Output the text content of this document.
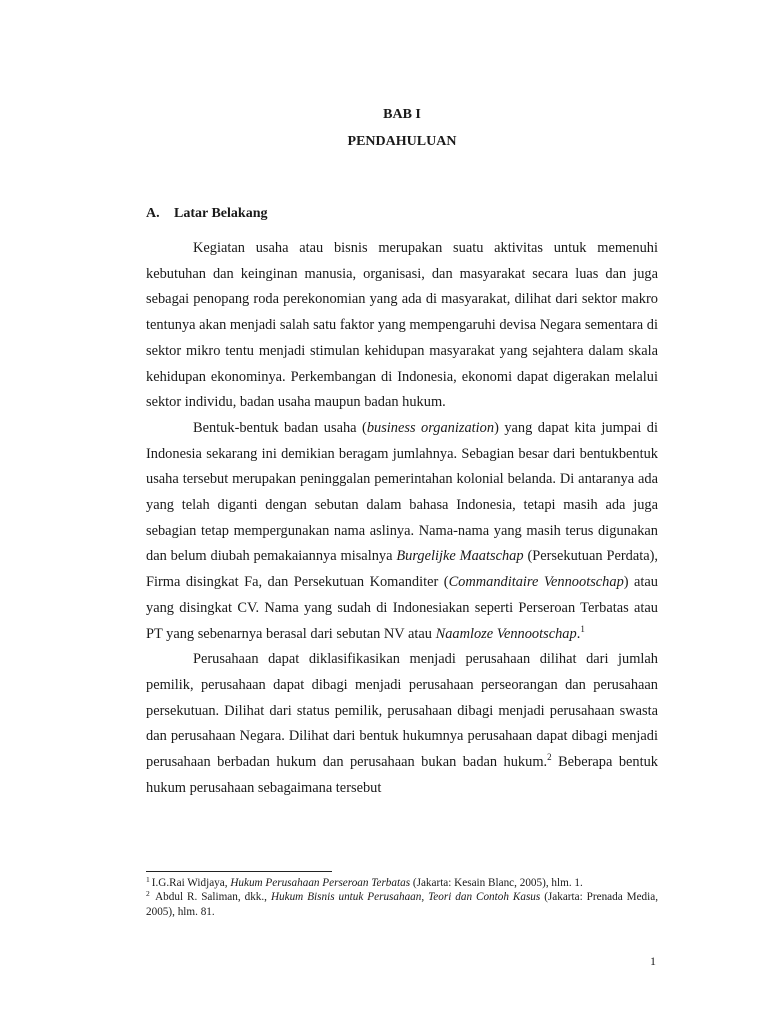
BAB I
PENDAHULUAN
A. Latar Belakang

Kegiatan usaha atau bisnis merupakan suatu aktivitas untuk memenuhi kebutuhan dan keinginan manusia, organisasi, dan masyarakat secara luas dan juga sebagai penopang roda perekonomian yang ada di masyarakat, dilihat dari sektor makro tentunya akan menjadi salah satu faktor yang mempengaruhi devisa Negara sementara di sektor mikro tentu menjadi stimulan kehidupan masyarakat yang sejahtera dalam skala kehidupan ekonominya. Perkembangan di Indonesia, ekonomi dapat digerakan melalui sektor individu, badan usaha maupun badan hukum.

Bentuk-bentuk badan usaha (business organization) yang dapat kita jumpai di Indonesia sekarang ini demikian beragam jumlahnya. Sebagian besar dari bentukbentuk usaha tersebut merupakan peninggalan pemerintahan kolonial belanda. Di antaranya ada yang telah diganti dengan sebutan dalam bahasa Indonesia, tetapi masih ada juga sebagian tetap mempergunakan nama aslinya. Nama-nama yang masih terus digunakan dan belum diubah pemakaiannya misalnya Burgelijke Maatschap (Persekutuan Perdata), Firma disingkat Fa, dan Persekutuan Komanditer (Commanditaire Vennootschap) atau yang disingkat CV. Nama yang sudah di Indonesiakan seperti Perseroan Terbatas atau PT yang sebenarnya berasal dari sebutan NV atau Naamloze Vennootschap.$^1$

Perusahaan dapat diklasifikasikan menjadi perusahaan dilihat dari jumlah pemilik, perusahaan dapat dibagi menjadi perusahaan perseorangan dan perusahaan persekutuan. Dilihat dari status pemilik, perusahaan dibagi menjadi perusahaan swasta dan perusahaan Negara. Dilihat dari bentuk hukumnya perusahaan dapat dibagi menjadi perusahaan berbadan hukum dan perusahaan bukan badan hukum.$^2$ Beberapa bentuk hukum perusahaan sebagaimana tersebut

$^1$ I.G.Rai Widjaya, Hukum Perusahaan Perseroan Terbatas (Jakarta: Kesain Blanc, 2005), hlm. 1.

$^2$ Abdul R. Saliman, dkk., Hukum Bisnis untuk Perusahaan, Teori dan Contoh Kasus (Jakarta: Prenada Media, 2005), hlm. 81.

1
